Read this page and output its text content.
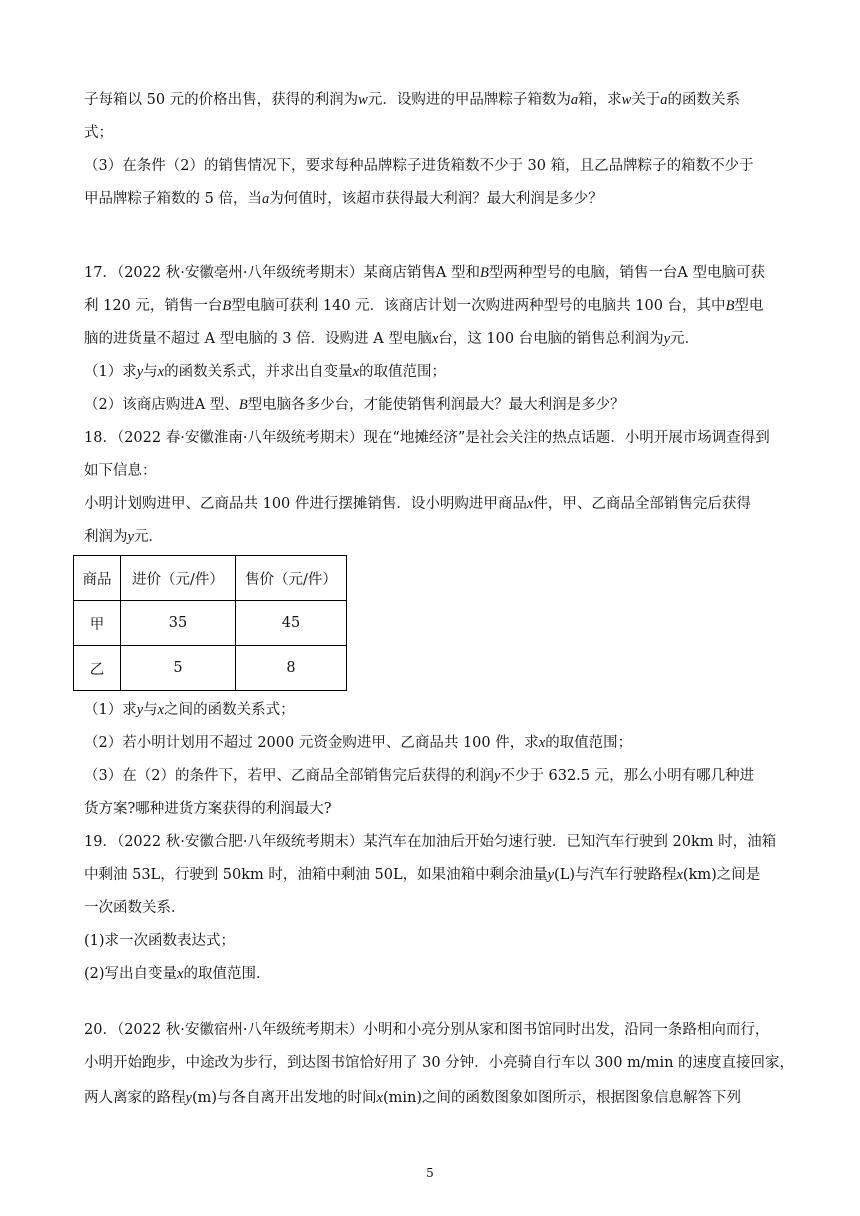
子每箱以 50 元的价格出售，获得的利润为w元．设购进的甲品牌粽子箱数为a箱，求w关于a的函数关系
式；
（3）在条件（2）的销售情况下，要求每种品牌粽子进货箱数不少于 30 箱，且乙品牌粽子的箱数不少于
甲品牌粽子箱数的 5 倍，当a为何值时，该超市获得最大利润？最大利润是多少？
17．（2022 秋·安徽亳州·八年级统考期末）某商店销售A 型和B型两种型号的电脑，销售一台A 型电脑可获
利 120 元，销售一台B型电脑可获利 140 元．该商店计划一次购进两种型号的电脑共 100 台，其中B型电
脑的进货量不超过 A 型电脑的 3 倍．设购进 A 型电脑x台，这 100 台电脑的销售总利润为y元．
（1）求y与x的函数关系式，并求出自变量x的取值范围；
（2）该商店购进A 型、B型电脑各多少台，才能使销售利润最大？最大利润是多少？
18．（2022 春·安徽淮南·八年级统考期末）现在“地摊经济”是社会关注的热点话题．小明开展市场调查得到
如下信息：
小明计划购进甲、乙商品共 100 件进行摆摊销售．设小明购进甲商品x件，甲、乙商品全部销售完后获得
利润为y元．
商品	进价（元/件）	售价（元/件）
甲	35	45
乙	5	8
（1）求y与x之间的函数关系式；
（2）若小明计划用不超过 2000 元资金购进甲、乙商品共 100 件，求x的取值范围；
（3）在（2）的条件下，若甲、乙商品全部销售完后获得的利润y不少于 632.5 元，那么小明有哪几种进
货方案?哪种进货方案获得的利润最大?
19．（2022 秋·安徽合肥·八年级统考期末）某汽车在加油后开始匀速行驶．已知汽车行驶到 20km 时，油箱
中剩油 53L，行驶到 50km 时，油箱中剩油 50L，如果油箱中剩余油量y(L)与汽车行驶路程x(km)之间是
一次函数关系．
(1)求一次函数表达式；
(2)写出自变量x的取值范围．
20．（2022 秋·安徽宿州·八年级统考期末）小明和小亮分别从家和图书馆同时出发，沿同一条路相向而行，
小明开始跑步，中途改为步行，到达图书馆恰好用了 30 分钟．小亮骑自行车以 300 m/min 的速度直接回家，
两人离家的路程y(m)与各自离开出发地的时间x(min)之间的函数图象如图所示，根据图象信息解答下列
5
